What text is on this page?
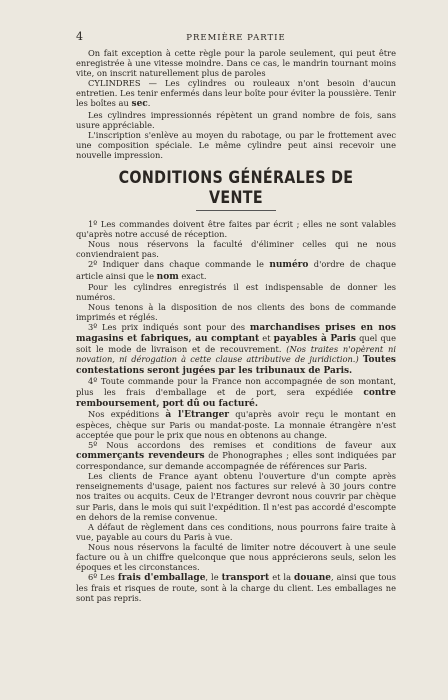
4	PREMIÈRE PARTIE

On fait exception à cette règle pour la parole seulement, qui peut être enregistrée à une vitesse moindre. Dans ce cas, le mandrin tournant moins vite, on inscrit naturellement plus de paroles

CYLINDRES — Les cylindres ou rouleaux n'ont besoin d'aucun entretien. Les tenir enfermés dans leur boîte pour éviter la poussière. Tenir les boîtes au sec.

Les cylindres impressionnés répètent un grand nombre de fois, sans usure appréciable.

L'inscription s'enlève au moyen du rabotage, ou par le frottement avec une composition spéciale. Le même cylindre peut ainsi recevoir une nouvelle impression.

CONDITIONS GÉNÉRALES DE VENTE

1º Les commandes doivent être faites par écrit ; elles ne sont valables qu'après notre accusé de réception.

Nous nous réservons la faculté d'éliminer celles qui ne nous conviendraient pas.

2º Indiquer dans chaque commande le numéro d'ordre de chaque article ainsi que le nom exact.

Pour les cylindres enregistrés il est indispensable de donner les numéros.

Nous tenons à la disposition de nos clients des bons de commande imprimés et réglés.

3º Les prix indiqués sont pour des marchandises prises en nos magasins et fabriques, au comptant et payables à Paris quel que soit le mode de livraison et de recouvrement. (Nos traites n'opèrent ni novation, ni dérogation à cette clause attributive de juridiction.) Toutes contestations seront jugées par les tribunaux de Paris.

4º Toute commande pour la France non accompagnée de son montant, plus les frais d'emballage et de port, sera expédiée contre remboursement, port dû ou facturé.

Nos expéditions à l'Etranger qu'après avoir reçu le montant en espèces, chèque sur Paris ou mandat-poste. La monnaie étrangère n'est acceptée que pour le prix que nous en obtenons au change.

5º Nous accordons des remises et conditions de faveur aux commerçants revendeurs de Phonographes ; elles sont indiquées par correspondance, sur demande accompagnée de références sur Paris.

Les clients de France ayant obtenu l'ouverture d'un compte après renseignements d'usage, paient nos factures sur relevé à 30 jours contre nos traites ou acquits. Ceux de l'Etranger devront nous couvrir par chèque sur Paris, dans le mois qui suit l'expédition. Il n'est pas accordé d'escompte en dehors de la remise convenue.

A défaut de règlement dans ces conditions, nous pourrons faire traite à vue, payable au cours du Paris à vue.

Nous nous réservons la faculté de limiter notre découvert à une seule facture ou à un chiffre quelconque que nous apprécierons seuls, selon les époques et les circonstances.

6º Les frais d'emballage, le transport et la douane, ainsi que tous les frais et risques de route, sont à la charge du client. Les emballages ne sont pas repris.
